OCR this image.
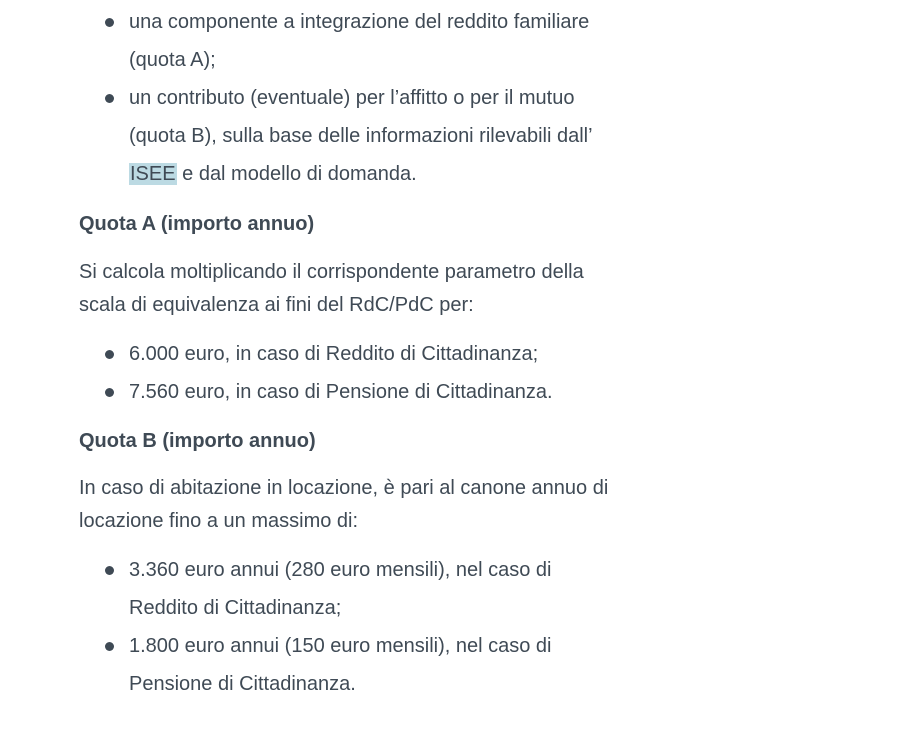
una componente a integrazione del reddito familiare
(quota A);
un contributo (eventuale) per l’affitto o per il mutuo
(quota B), sulla base delle informazioni rilevabili dall’
ISEE e dal modello di domanda.
Quota A (importo annuo)
Si calcola moltiplicando il corrispondente parametro della
scala di equivalenza ai fini del RdC/PdC per:
6.000 euro, in caso di Reddito di Cittadinanza;
7.560 euro, in caso di Pensione di Cittadinanza.
Quota B (importo annuo)
In caso di abitazione in locazione, è pari al canone annuo di
locazione fino a un massimo di:
3.360 euro annui (280 euro mensili), nel caso di
Reddito di Cittadinanza;
1.800 euro annui (150 euro mensili), nel caso di
Pensione di Cittadinanza.
